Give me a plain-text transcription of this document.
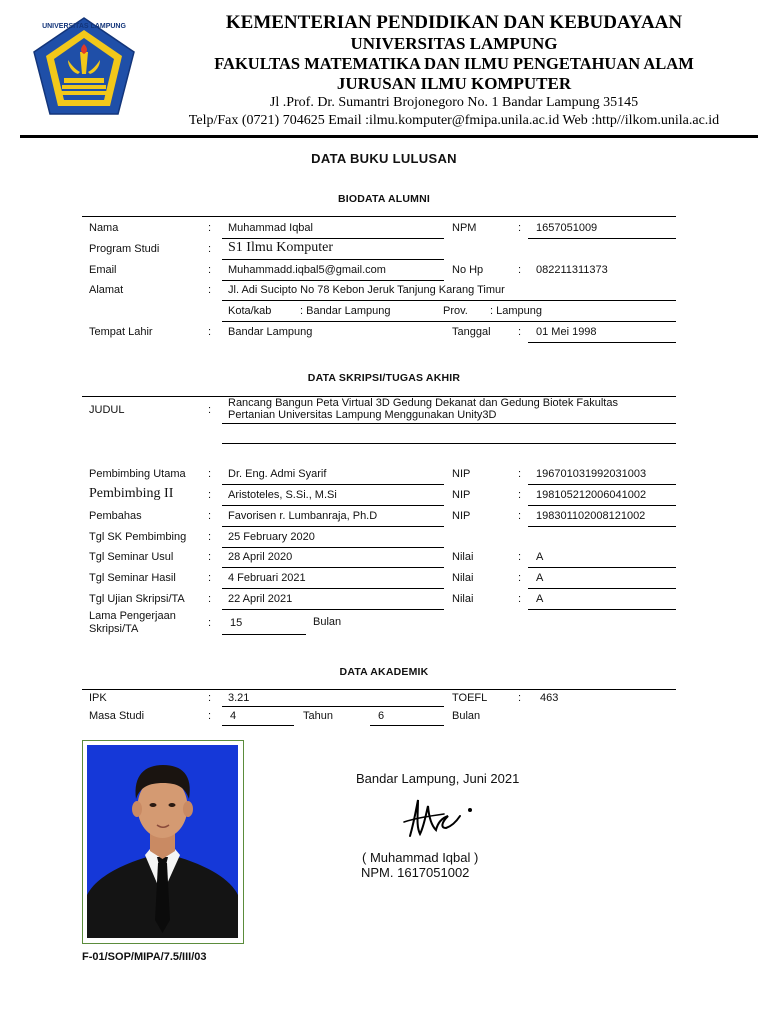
UNIVERSITAS LAMPUNG	KEMENTERIAN PENDIDIKAN DAN KEBUDAYAAN
UNIVERSITAS LAMPUNG
FAKULTAS MATEMATIKA DAN ILMU PENGETAHUAN ALAM
JURUSAN ILMU KOMPUTER
Jl .Prof. Dr. Sumantri Brojonegoro No. 1 Bandar Lampung 35145
Telp/Fax (0721) 704625 Email :ilmu.komputer@fmipa.unila.ac.id Web :http//ilkom.unila.ac.id
DATA BUKU LULUSAN
BIODATA ALUMNI
Nama	: Muhammad Iqbal	NPM	: 1657051009
Program Studi	: S1 Ilmu Komputer
Email	: Muhammadd.iqbal5@gmail.com	No Hp	: 082211311373
Alamat	: Jl. Adi Sucipto No 78 Kebon Jeruk Tanjung Karang Timur
Kota/kab	: Bandar Lampung	Prov. : Lampung
Tempat Lahir	: Bandar Lampung	Tanggal : 01 Mei 1998
DATA SKRIPSI/TUGAS AKHIR
JUDUL	:
Rancang Bangun Peta Virtual 3D Gedung Dekanat dan Gedung Biotek Fakultas
Pertanian Universitas Lampung Menggunakan Unity3D
Pembimbing Utama : Dr. Eng. Admi Syarif	NIP	: 196701031992031003
Pembimbing II	: Aristoteles, S.Si., M.Si	NIP	: 198105212006041002
Pembahas	: Favorisen r. Lumbanraja, Ph.D	NIP	: 198301102008121002
Tgl SK Pembimbing : 25 February 2020
Tgl Seminar Usul	: 28 April 2020	Nilai	: A
Tgl Seminar Hasil	: 4 Februari 2021	Nilai	: A
Tgl Ujian Skripsi/TA : 22 April 2021	Nilai	: A
Lama Pengerjaan
Skripsi/TA	: 15	Bulan
DATA AKADEMIK
IPK	: 3.21	TOEFL	: 463
Masa Studi	: 4	Tahun	6	Bulan
Bandar Lampung, Juni 2021
( Muhammad Iqbal )
NPM. 1617051002
F-01/SOP/MIPA/7.5/III/03
